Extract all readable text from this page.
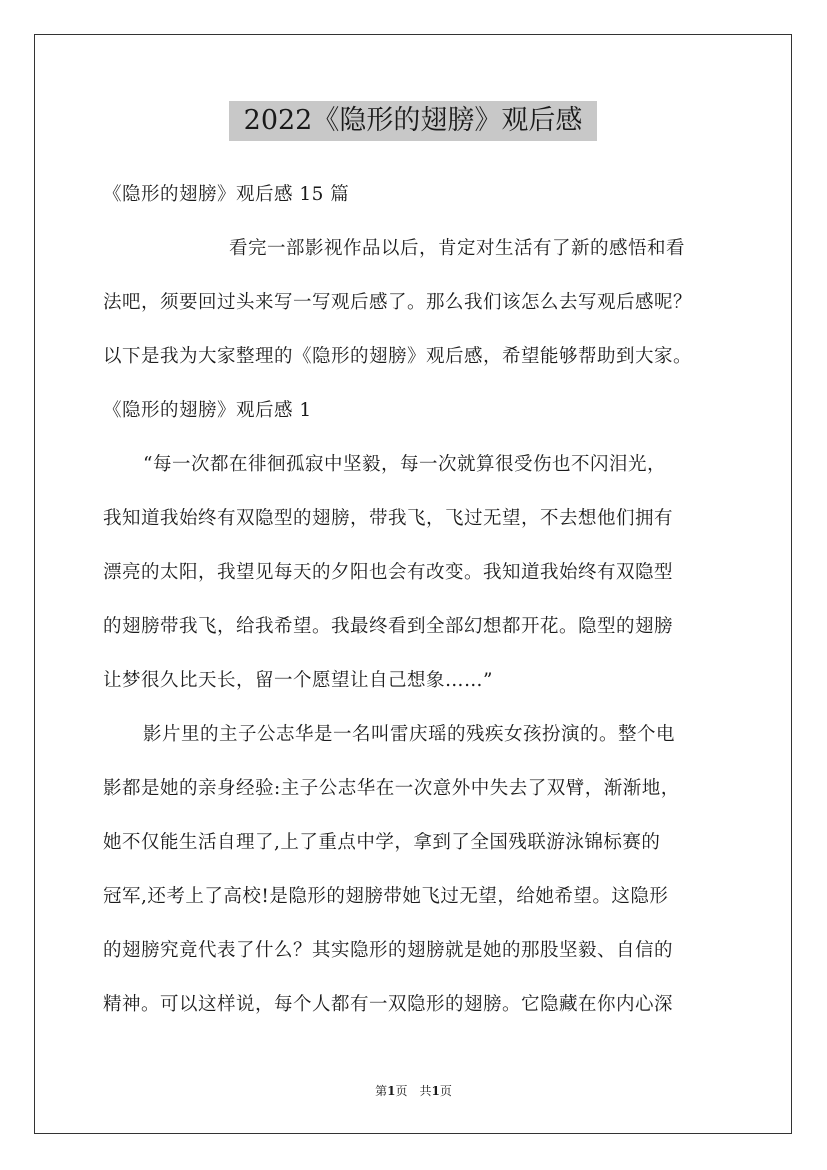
2022《隐形的翅膀》观后感
《隐形的翅膀》观后感 15 篇
看完一部影视作品以后，肯定对生活有了新的感悟和看
法吧，须要回过头来写一写观后感了。那么我们该怎么去写观后感呢？
以下是我为大家整理的《隐形的翅膀》观后感，希望能够帮助到大家。
《隐形的翅膀》观后感 1
“每一次都在徘徊孤寂中坚毅，每一次就算很受伤也不闪泪光，
我知道我始终有双隐型的翅膀，带我飞，飞过无望，不去想他们拥有
漂亮的太阳，我望见每天的夕阳也会有改变。我知道我始终有双隐型
的翅膀带我飞，给我希望。我最终看到全部幻想都开花。隐型的翅膀
让梦很久比天长，留一个愿望让自己想象……”
影片里的主子公志华是一名叫雷庆瑶的残疾女孩扮演的。整个电
影都是她的亲身经验:主子公志华在一次意外中失去了双臂，渐渐地，
她不仅能生活自理了,上了重点中学，拿到了全国残联游泳锦标赛的
冠军,还考上了高校!是隐形的翅膀带她飞过无望，给她希望。这隐形
的翅膀究竟代表了什么？其实隐形的翅膀就是她的那股坚毅、自信的
精神。可以这样说，每个人都有一双隐形的翅膀。它隐藏在你内心深
第1页　共1页
